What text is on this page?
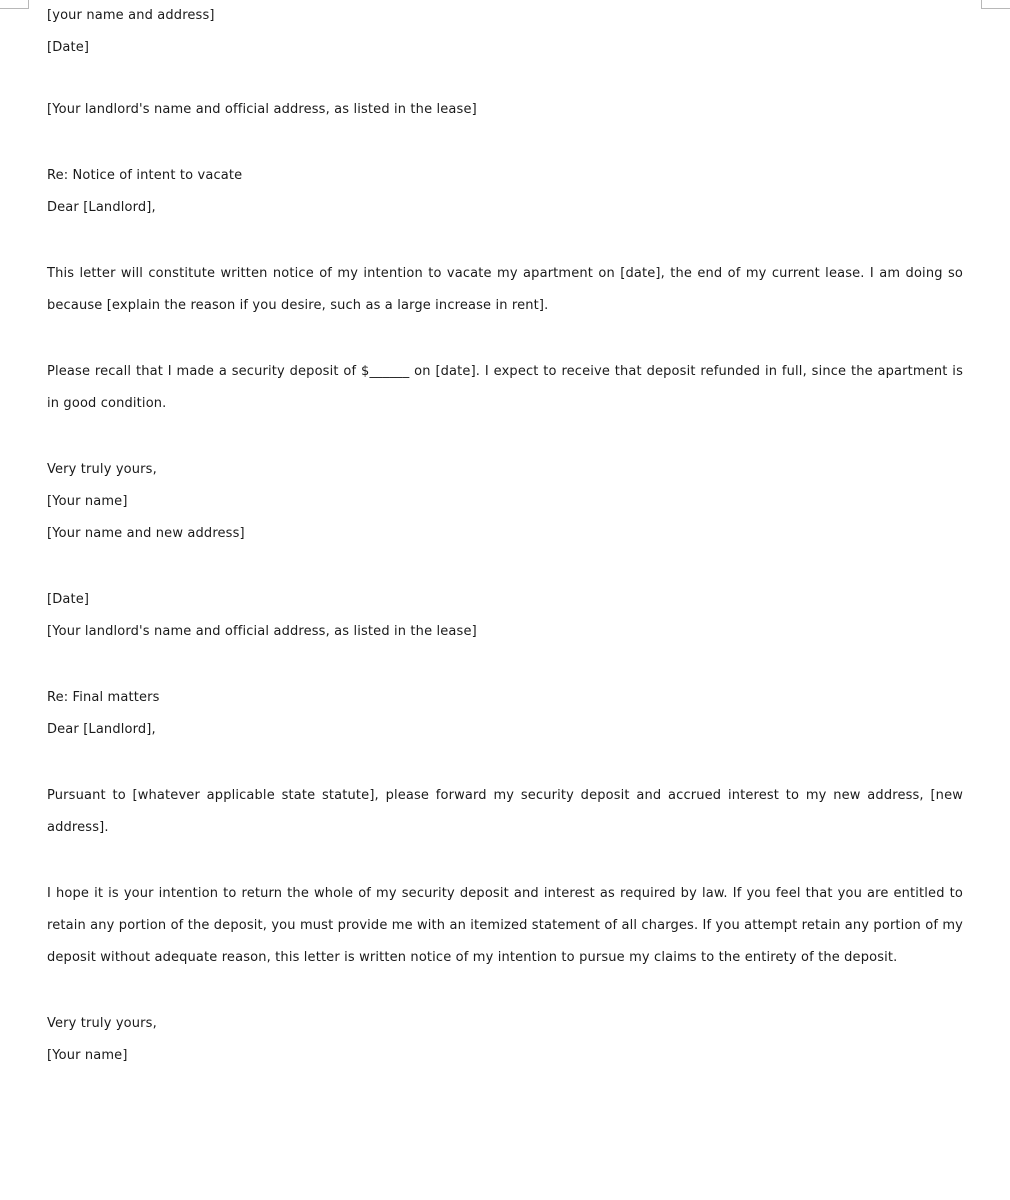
[your name and address]

[Date]

[Your landlord's name and official address, as listed in the lease]

Re: Notice of intent to vacate

Dear [Landlord],

This letter will constitute written notice of my intention to vacate my apartment on [date], the end of my current lease. I am doing so because [explain the reason if you desire, such as a large increase in rent].

Please recall that I made a security deposit of $______ on [date]. I expect to receive that deposit refunded in full, since the apartment is in good condition.

Very truly yours,

[Your name]

[Your name and new address]

[Date]

[Your landlord's name and official address, as listed in the lease]

Re: Final matters

Dear [Landlord],

Pursuant to [whatever applicable state statute], please forward my security deposit and accrued interest to my new address, [new address].

I hope it is your intention to return the whole of my security deposit and interest as required by law. If you feel that you are entitled to retain any portion of the deposit, you must provide me with an itemized statement of all charges. If you attempt retain any portion of my deposit without adequate reason, this letter is written notice of my intention to pursue my claims to the entirety of the deposit.

Very truly yours,

[Your name]
